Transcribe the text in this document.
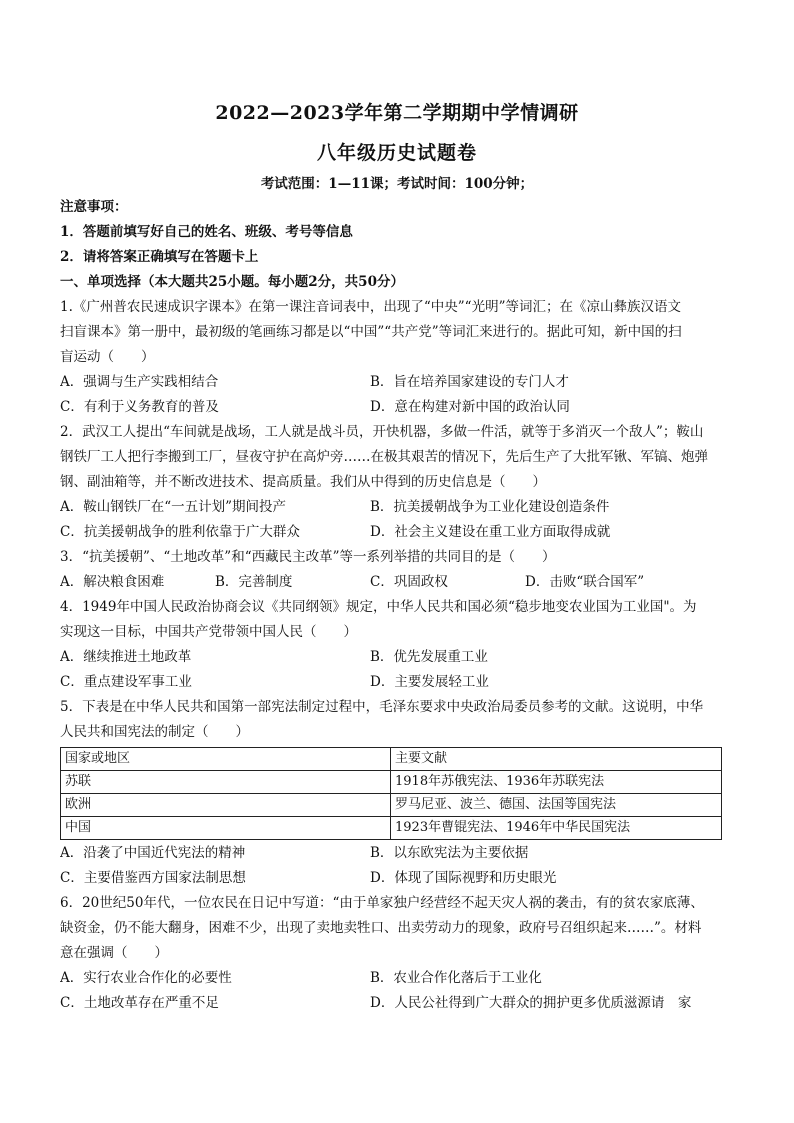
2022—2023学年第二学期期中学情调研
八年级历史试题卷
考试范围：1—11课；考试时间：100分钟；
注意事项：
1．答题前填写好自己的姓名、班级、考号等信息
2．请将答案正确填写在答题卡上
一、单项选择（本大题共25小题。每小题2分，共50分）
1.《广州普农民速成识字课本》在第一课注音词表中，出现了“中央”“光明”等词汇；在《凉山彝族汉语文
扫盲课本》第一册中，最初级的笔画练习都是以“中国”“共产党”等词汇来进行的。据此可知，新中国的扫
盲运动（　　）
A．强调与生产实践相结合	B．旨在培养国家建设的专门人才
C．有利于义务教育的普及	D．意在构建对新中国的政治认同
2．武汉工人提出“车间就是战场，工人就是战斗员，开快机器，多做一件活，就等于多消灭一个敌人”；鞍山
钢铁厂工人把行李搬到工厂，昼夜守护在高炉旁……在极其艰苦的情况下，先后生产了大批军锹、军镐、炮弹
钢、副油箱等，并不断改进技术、提高质量。我们从中得到的历史信息是（　　）
A．鞍山钢铁厂在“一五计划”期间投产	B．抗美援朝战争为工业化建设创造条件
C．抗美援朝战争的胜利依靠于广大群众	D．社会主义建设在重工业方面取得成就
3．“抗美援朝”、“土地改革”和“西藏民主改革”等一系列举措的共同目的是（　　）
A．解决粮食困难	B．完善制度	C．巩固政权	D．击败“联合国军”
4．1949年中国人民政治协商会议《共同纲领》规定，中华人民共和国必须“稳步地变农业国为工业国"。为
实现这一目标，中国共产党带领中国人民（　　）
A．继续推进土地政革	B．优先发展重工业
C．重点建设军事工业	D．主要发展轻工业
5．下表是在中华人民共和国第一部宪法制定过程中，毛泽东要求中央政治局委员参考的文献。这说明，中华
人民共和国宪法的制定（　　）
国家或地区	主要文献
苏联	1918年苏俄宪法、1936年苏联宪法
欧洲	罗马尼亚、波兰、德国、法国等国宪法
中国	1923年曹锟宪法、1946年中华民国宪法
A．沿袭了中国近代宪法的精神	B．以东欧宪法为主要依据
C．主要借鉴西方国家法制思想	D．体现了国际视野和历史眼光
6．20世纪50年代，一位农民在日记中写道：“由于单家独户经营经不起天灾人祸的袭击，有的贫农家底薄、
缺资金，仍不能大翻身，困难不少，出现了卖地卖牲口、出卖劳动力的现象，政府号召组织起来……”。材料
意在强调（　　）
A．实行农业合作化的必要性	B．农业合作化落后于工业化
C．土地改革存在严重不足	D．人民公社得到广大群众的拥护更多优质滋源请　家
